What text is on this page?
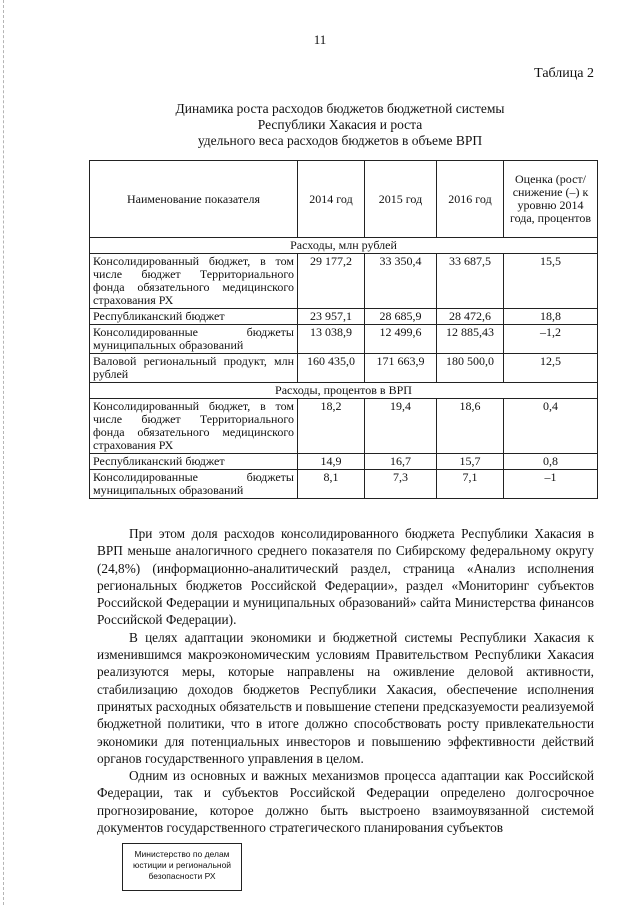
11
Таблица 2
Динамика роста расходов бюджетов бюджетной системы
Республики Хакасия и роста
удельного веса расходов бюджетов в объеме ВРП
Наименование показателя	2014 год	2015 год	2016 год	Оценка (рост/снижение (–) к уровню 2014 года, процентов
Расходы, млн рублей				
Консолидированный бюджет, в том числе бюджет Территориального фонда обязательного медицинского страхования РХ	29 177,2	33 350,4	33 687,5	15,5
Республиканский бюджет	23 957,1	28 685,9	28 472,6	18,8
Консолидированные бюджеты муниципальных образований	13 038,9	12 499,6	12 885,43	–1,2
Валовой региональный продукт, млн рублей	160 435,0	171 663,9	180 500,0	12,5
Расходы, процентов в ВРП				
Консолидированный бюджет, в том числе бюджет Территориального фонда обязательного медицинского страхования РХ	18,2	19,4	18,6	0,4
Республиканский бюджет	14,9	16,7	15,7	0,8
Консолидированные бюджеты муниципальных образований	8,1	7,3	7,1	–1

При этом доля расходов консолидированного бюджета Республики Хакасия в ВРП меньше аналогичного среднего показателя по Сибирскому федеральному округу (24,8%) (информационно-аналитический раздел, страница «Анализ исполнения региональных бюджетов Российской Федерации», раздел «Мониторинг субъектов Российской Федерации и муниципальных образований» сайта Министерства финансов Российской Федерации).

В целях адаптации экономики и бюджетной системы Республики Хакасия к изменившимся макроэкономическим условиям Правительством Республики Хакасия реализуются меры, которые направлены на оживление деловой активности, стабилизацию доходов бюджетов Республики Хакасия, обеспечение исполнения принятых расходных обязательств и повышение степени предсказуемости реализуемой бюджетной политики, что в итоге должно способствовать росту привлекательности экономики для потенциальных инвесторов и повышению эффективности действий органов государственного управления в целом.

Одним из основных и важных механизмов процесса адаптации как Российской Федерации, так и субъектов Российской Федерации определено долгосрочное прогнозирование, которое должно быть выстроено взаимоувязанной системой документов государственного стратегического планирования субъектов

Министерство по делам
юстиции и региональной
безопасности РХ
